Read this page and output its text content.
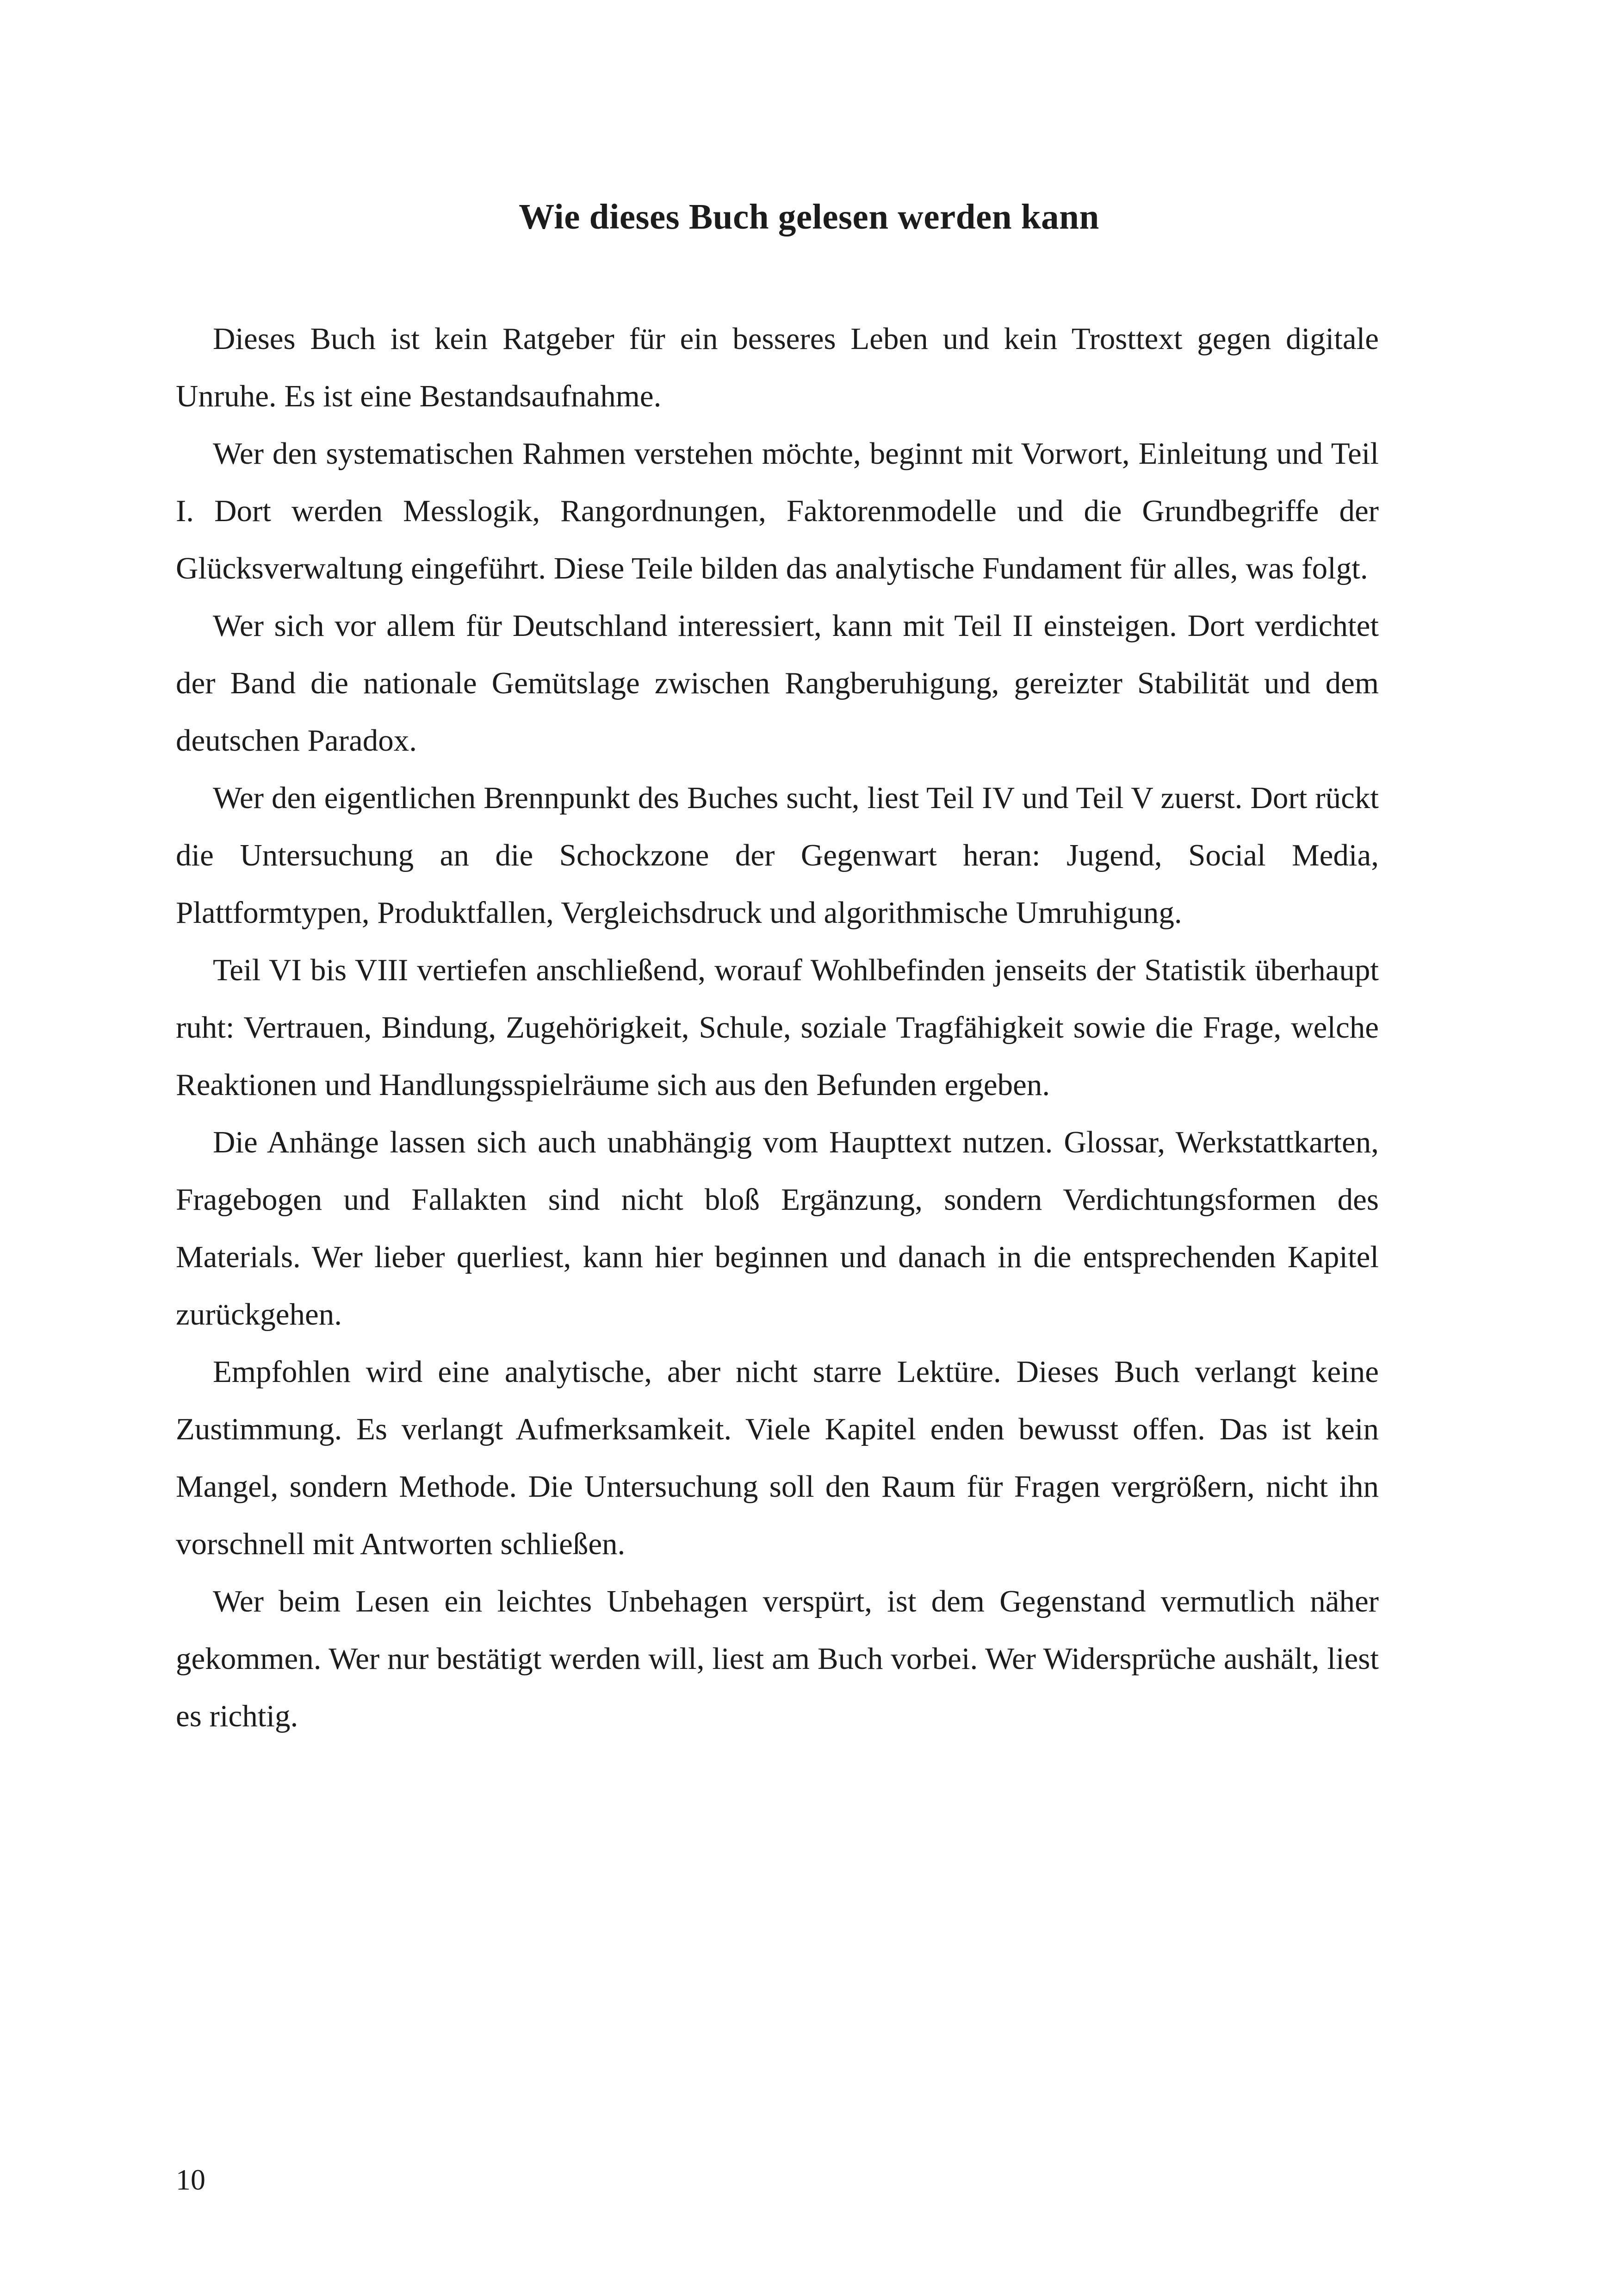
Wie dieses Buch gelesen werden kann

Dieses Buch ist kein Ratgeber für ein besseres Leben und kein Trosttext gegen digitale Unruhe. Es ist eine Bestandsaufnahme.

Wer den systematischen Rahmen verstehen möchte, beginnt mit Vorwort, Einleitung und Teil I. Dort werden Messlogik, Rangordnungen, Faktorenmodelle und die Grundbegriffe der Glücksverwaltung eingeführt. Diese Teile bilden das analytische Fundament für alles, was folgt.

Wer sich vor allem für Deutschland interessiert, kann mit Teil II einsteigen. Dort verdichtet der Band die nationale Gemütslage zwischen Rangberuhigung, gereizter Stabilität und dem deutschen Paradox.

Wer den eigentlichen Brennpunkt des Buches sucht, liest Teil IV und Teil V zuerst. Dort rückt die Untersuchung an die Schockzone der Gegenwart heran: Jugend, Social Media, Plattformtypen, Produktfallen, Vergleichsdruck und algorithmische Umruhigung.

Teil VI bis VIII vertiefen anschließend, worauf Wohlbefinden jenseits der Statistik überhaupt ruht: Vertrauen, Bindung, Zugehörigkeit, Schule, soziale Tragfähigkeit sowie die Frage, welche Reaktionen und Handlungsspielräume sich aus den Befunden ergeben.

Die Anhänge lassen sich auch unabhängig vom Haupttext nutzen. Glossar, Werkstattkarten, Fragebogen und Fallakten sind nicht bloß Ergänzung, sondern Verdichtungsformen des Materials. Wer lieber querliest, kann hier beginnen und danach in die entsprechenden Kapitel zurückgehen.

Empfohlen wird eine analytische, aber nicht starre Lektüre. Dieses Buch verlangt keine Zustimmung. Es verlangt Aufmerksamkeit. Viele Kapitel enden bewusst offen. Das ist kein Mangel, sondern Methode. Die Untersuchung soll den Raum für Fragen vergrößern, nicht ihn vorschnell mit Antworten schließen.

Wer beim Lesen ein leichtes Unbehagen verspürt, ist dem Gegenstand vermutlich näher gekommen. Wer nur bestätigt werden will, liest am Buch vorbei. Wer Widersprüche aushält, liest es richtig.

10
